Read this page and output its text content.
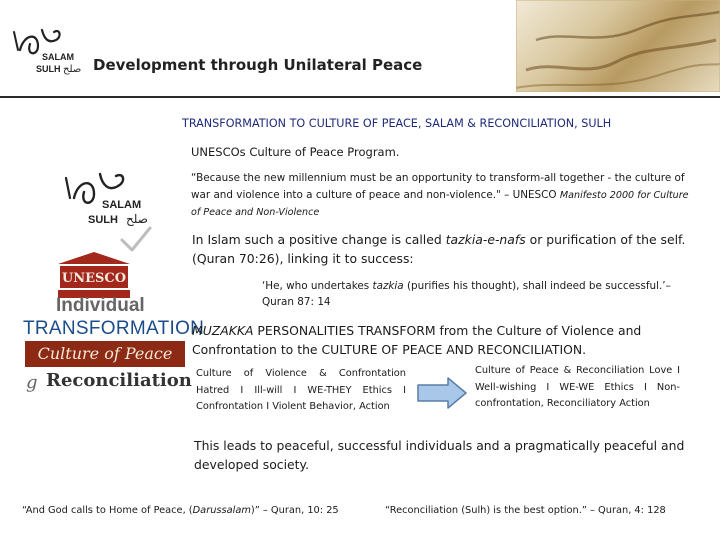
SALAM
SULH صلح Development through Unilateral Peace
SALAM
SULH صلح
UNESCO
Individual
TRANSFORMATION
Culture of Peace
g Reconciliation
TRANSFORMATION TO CULTURE OF PEACE, SALAM & RECONCILIATION, SULH
UNESCOs Culture of Peace Program.
“Because the new millennium must be an opportunity to transform-all together - the culture of war and violence into a culture of peace and non-violence." – UNESCO Manifesto 2000 for Culture of Peace and Non-Violence
In Islam such a positive change is called tazkia-e-nafs or purification of the self. (Quran 70:26), linking it to success:
‘He, who undertakes tazkia (purifies his thought), shall indeed be successful.’– Quran 87: 14
MUZAKKA PERSONALITIES TRANSFORM from the Culture of Violence and Confrontation to the CULTURE OF PEACE AND RECONCILIATION.
Culture of Violence & Confrontation Hatred I Ill-will I WE-THEY Ethics I Confrontation I Violent Behavior, Action
Culture of Peace & Reconciliation Love I Well-wishing I WE-WE Ethics I Non-confrontation, Reconciliatory Action
This leads to peaceful, successful individuals and a pragmatically peaceful and developed society.
“And God calls to Home of Peace, (Darussalam)” – Quran, 10: 25	“Reconciliation (Sulh) is the best option.” – Quran, 4: 128
